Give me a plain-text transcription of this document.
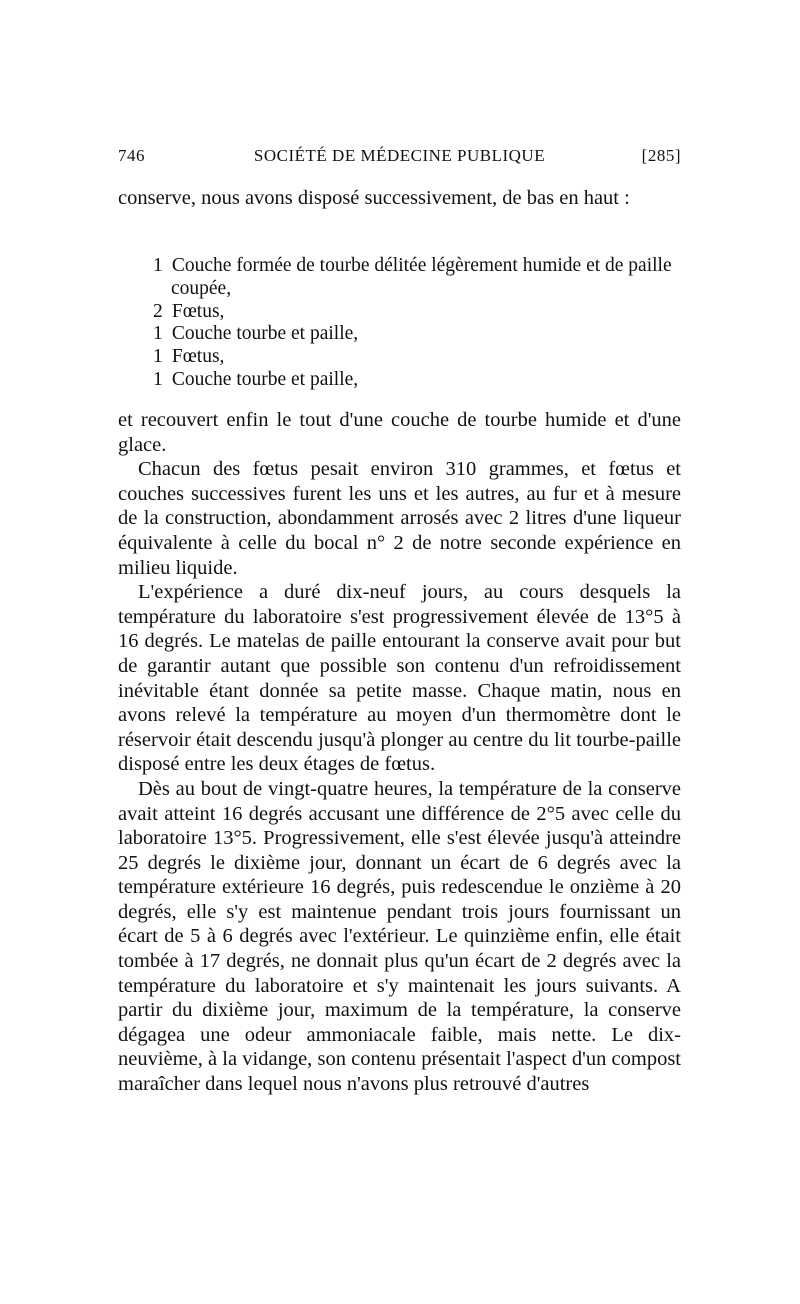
746	SOCIÉTÉ DE MÉDECINE PUBLIQUE	[285]

conserve, nous avons disposé successivement, de bas en haut :

1 Couche formée de tourbe délitée légèrement humide et de paille coupée,
2 Fœtus,
1 Couche tourbe et paille,
1 Fœtus,
1 Couche tourbe et paille,

et recouvert enfin le tout d'une couche de tourbe humide et d'une glace.

Chacun des fœtus pesait environ 310 grammes, et fœtus et couches successives furent les uns et les autres, au fur et à mesure de la construction, abondamment arrosés avec 2 litres d'une liqueur équivalente à celle du bocal n° 2 de notre seconde expérience en milieu liquide.

L'expérience a duré dix-neuf jours, au cours desquels la température du laboratoire s'est progressivement élevée de 13°5 à 16 degrés. Le matelas de paille entourant la conserve avait pour but de garantir autant que possible son contenu d'un refroidissement inévitable étant donnée sa petite masse. Chaque matin, nous en avons relevé la température au moyen d'un thermomètre dont le réservoir était descendu jusqu'à plonger au centre du lit tourbe-paille disposé entre les deux étages de fœtus.

Dès au bout de vingt-quatre heures, la température de la conserve avait atteint 16 degrés accusant une différence de 2°5 avec celle du laboratoire 13°5. Progressivement, elle s'est élevée jusqu'à atteindre 25 degrés le dixième jour, donnant un écart de 6 degrés avec la température extérieure 16 degrés, puis redescendue le onzième à 20 degrés, elle s'y est maintenue pendant trois jours fournissant un écart de 5 à 6 degrés avec l'extérieur. Le quinzième enfin, elle était tombée à 17 degrés, ne donnait plus qu'un écart de 2 degrés avec la température du laboratoire et s'y maintenait les jours suivants. A partir du dixième jour, maximum de la température, la conserve dégagea une odeur ammoniacale faible, mais nette. Le dix-neuvième, à la vidange, son contenu présentait l'aspect d'un compost maraîcher dans lequel nous n'avons plus retrouvé d'autres
